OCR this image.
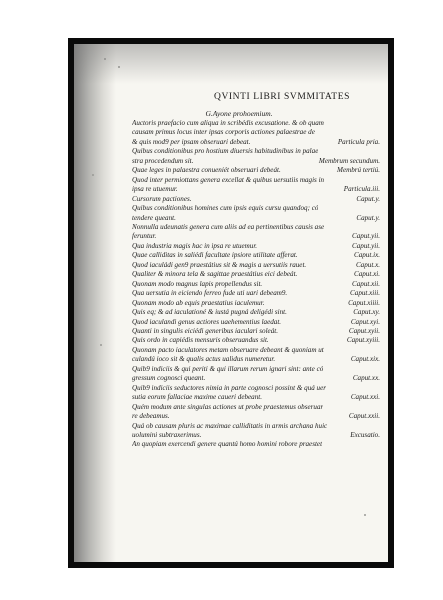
QVINTI LIBRI SVMMITATES
G.Ayone prohoemium.
Auctoris praefacio cum aliqua in scribédis excusatione. & ob quam
causam primus locus inter ipsas corporis actiones palaestrae de
& quis mod9 per ipsam obseruari debeat.	Particula pria.
Quibus conditionibus pro hostium diuersis habitudinibus in palae
stra procedendum sit.	Membrum secundum.
Quae leges in palaestra conueniét obseruari debeát.	Membrú tertiú.
Quod inter permiottans genera excellat & quibus uersutiis magis in
ipsa re utuemur.	Particula.iii.
Cursorum pactiones.	Caput.y.
Quibus conditionibus homines cum ipsis equis cursu quandoq; có
tendere queant.	Caput.y.
Nonnulla udeunatis genera cum aliis ad ea pertinentibus causis ase
feruntur.	Caput.yii.
Qua industria magis hac in ipsa re utuemur.	Caput.yii.
Quae calliditas in saliédi facultate ipsiore utilitate afferat.	Caput.ix.
Quod iaculádi gen9 praestátius sit & magis a uersutiis rauet.	Caput.x.
Qualiter & minora tela & sagittae praestátius eici debeát.	Caput.xi.
Quonam modo magnus lapis propellendus sit.	Caput.xii.
Qua uersutia in eiciendo ferreo fude uti uari debeam9.	Caput.xiii.
Quonam modo ab equis praestatius iaculemur.	Caput.xiiii.
Quis eq; & ad iaculationé & iustá pugná deligédi sint.	Caput.xy.
Quod iaculandi genus actiores uaehementius laedat.	Caput.xyi.
Quanti in singulis eiciédi generibus iaculari soleát.	Caput.xyii.
Quis ordo in capiédis mensuris obseruandus sit.	Caput.xyiii.
Quonam pacto iaculatores metam obseruare debeant & quoniam ut
culandú ioco sit & qualis actus ualidus numeretur.	Caput.xix.
Quib9 indiciis & qui periti & qui illarum rerum ignari sint: ante có
gressum cognosci queant.	Caput.xx.
Quib9 indiciis seductores nimia in parte cognosci possint & quá uer
sutia eorum fallaciae maxime caueri debeant.	Caput.xxi.
Quém modum ante singulas actiones ut probe praestemus obseruar
re debeamus.	Caput.xxii.
Quá ob causam pluris ac maximae calliditatis in armis archana huic
uolumini subtraxerimus.	Excusatio.
An quopiam exercendi genere quantú homo homini robore praestet
